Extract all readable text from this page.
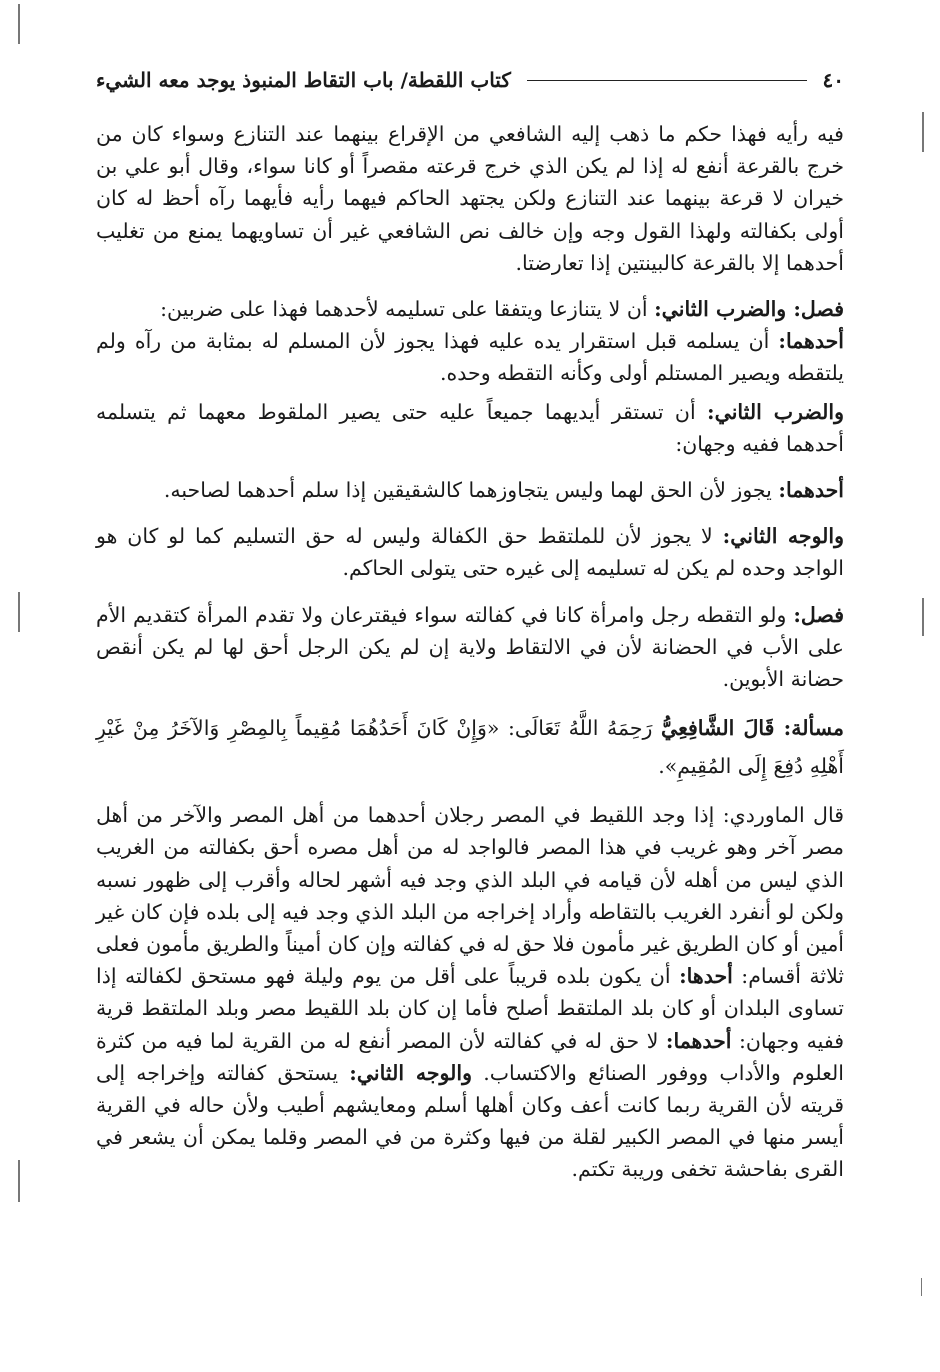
٤٠
كتاب اللقطة/ باب التقاط المنبوذ يوجد معه الشيء

فيه رأيه فهذا حكم ما ذهب إليه الشافعي من الإقراع بينهما عند التنازع وسواء كان من خرج بالقرعة أنفع له إذا لم يكن الذي خرج قرعته مقصراً أو كانا سواء، وقال أبو علي بن خيران لا قرعة بينهما عند التنازع ولكن يجتهد الحاكم فيهما رأيه فأيهما رآه أحظ له كان أولى بكفالته ولهذا القول وجه وإن خالف نص الشافعي غير أن تساويهما يمنع من تغليب أحدهما إلا بالقرعة كالبينتين إذا تعارضتا.

فصل: والضرب الثاني: أن لا يتنازعا ويتفقا على تسليمه لأحدهما فهذا على ضربين:

أحدهما: أن يسلمه قبل استقرار يده عليه فهذا يجوز لأن المسلم له بمثابة من رآه ولم يلتقطه ويصير المستلم أولى وكأنه التقطه وحده.

والضرب الثاني: أن تستقر أيديهما جميعاً عليه حتى يصير الملقوط معهما ثم يتسلمه أحدهما ففيه وجهان:

أحدهما: يجوز لأن الحق لهما وليس يتجاوزهما كالشقيقين إذا سلم أحدهما لصاحبه.

والوجه الثاني: لا يجوز لأن للملتقط حق الكفالة وليس له حق التسليم كما لو كان هو الواجد وحده لم يكن له تسليمه إلى غيره حتى يتولى الحاكم.

فصل: ولو التقطه رجل وامرأة كانا في كفالته سواء فيقترعان ولا تقدم المرأة كتقديم الأم على الأب في الحضانة لأن في الالتقاط ولاية إن لم يكن الرجل أحق لها لم يكن أنقص حضانة الأبوين.

مسألة: قَالَ الشَّافِعِيُّ رَحِمَهُ اللَّهُ تَعَالَى: «وَإِنْ كَانَ أَحَدُهُمَا مُقِيماً بِالمِصْرِ وَالآخَرُ مِنْ غَيْرِ أَهْلِهِ دُفِعَ إِلَى المُقِيمِ».

قال الماوردي: إذا وجد اللقيط في المصر رجلان أحدهما من أهل المصر والآخر من أهل مصر آخر وهو غريب في هذا المصر فالواجد له من أهل مصره أحق بكفالته من الغريب الذي ليس من أهله لأن قيامه في البلد الذي وجد فيه أشهر لحاله وأقرب إلى ظهور نسبه ولكن لو أنفرد الغريب بالتقاطه وأراد إخراجه من البلد الذي وجد فيه إلى بلده فإن كان غير أمين أو كان الطريق غير مأمون فلا حق له في كفالته وإن كان أميناً والطريق مأمون فعلى ثلاثة أقسام: أحدها: أن يكون بلده قريباً على أقل من يوم وليلة فهو مستحق لكفالته إذا تساوى البلدان أو كان بلد الملتقط أصلح فأما إن كان بلد اللقيط مصر وبلد الملتقط قرية ففيه وجهان: أحدهما: لا حق له في كفالته لأن المصر أنفع له من القرية لما فيه من كثرة العلوم والأداب ووفور الصنائع والاكتساب. والوجه الثاني: يستحق كفالته وإخراجه إلى قريته لأن القرية ربما كانت أعف وكان أهلها أسلم ومعايشهم أطيب ولأن حاله في القرية أيسر منها في المصر الكبير لقلة من فيها وكثرة من في المصر وقلما يمكن أن يشعر في القرى بفاحشة تخفى وريبة تكتم.
